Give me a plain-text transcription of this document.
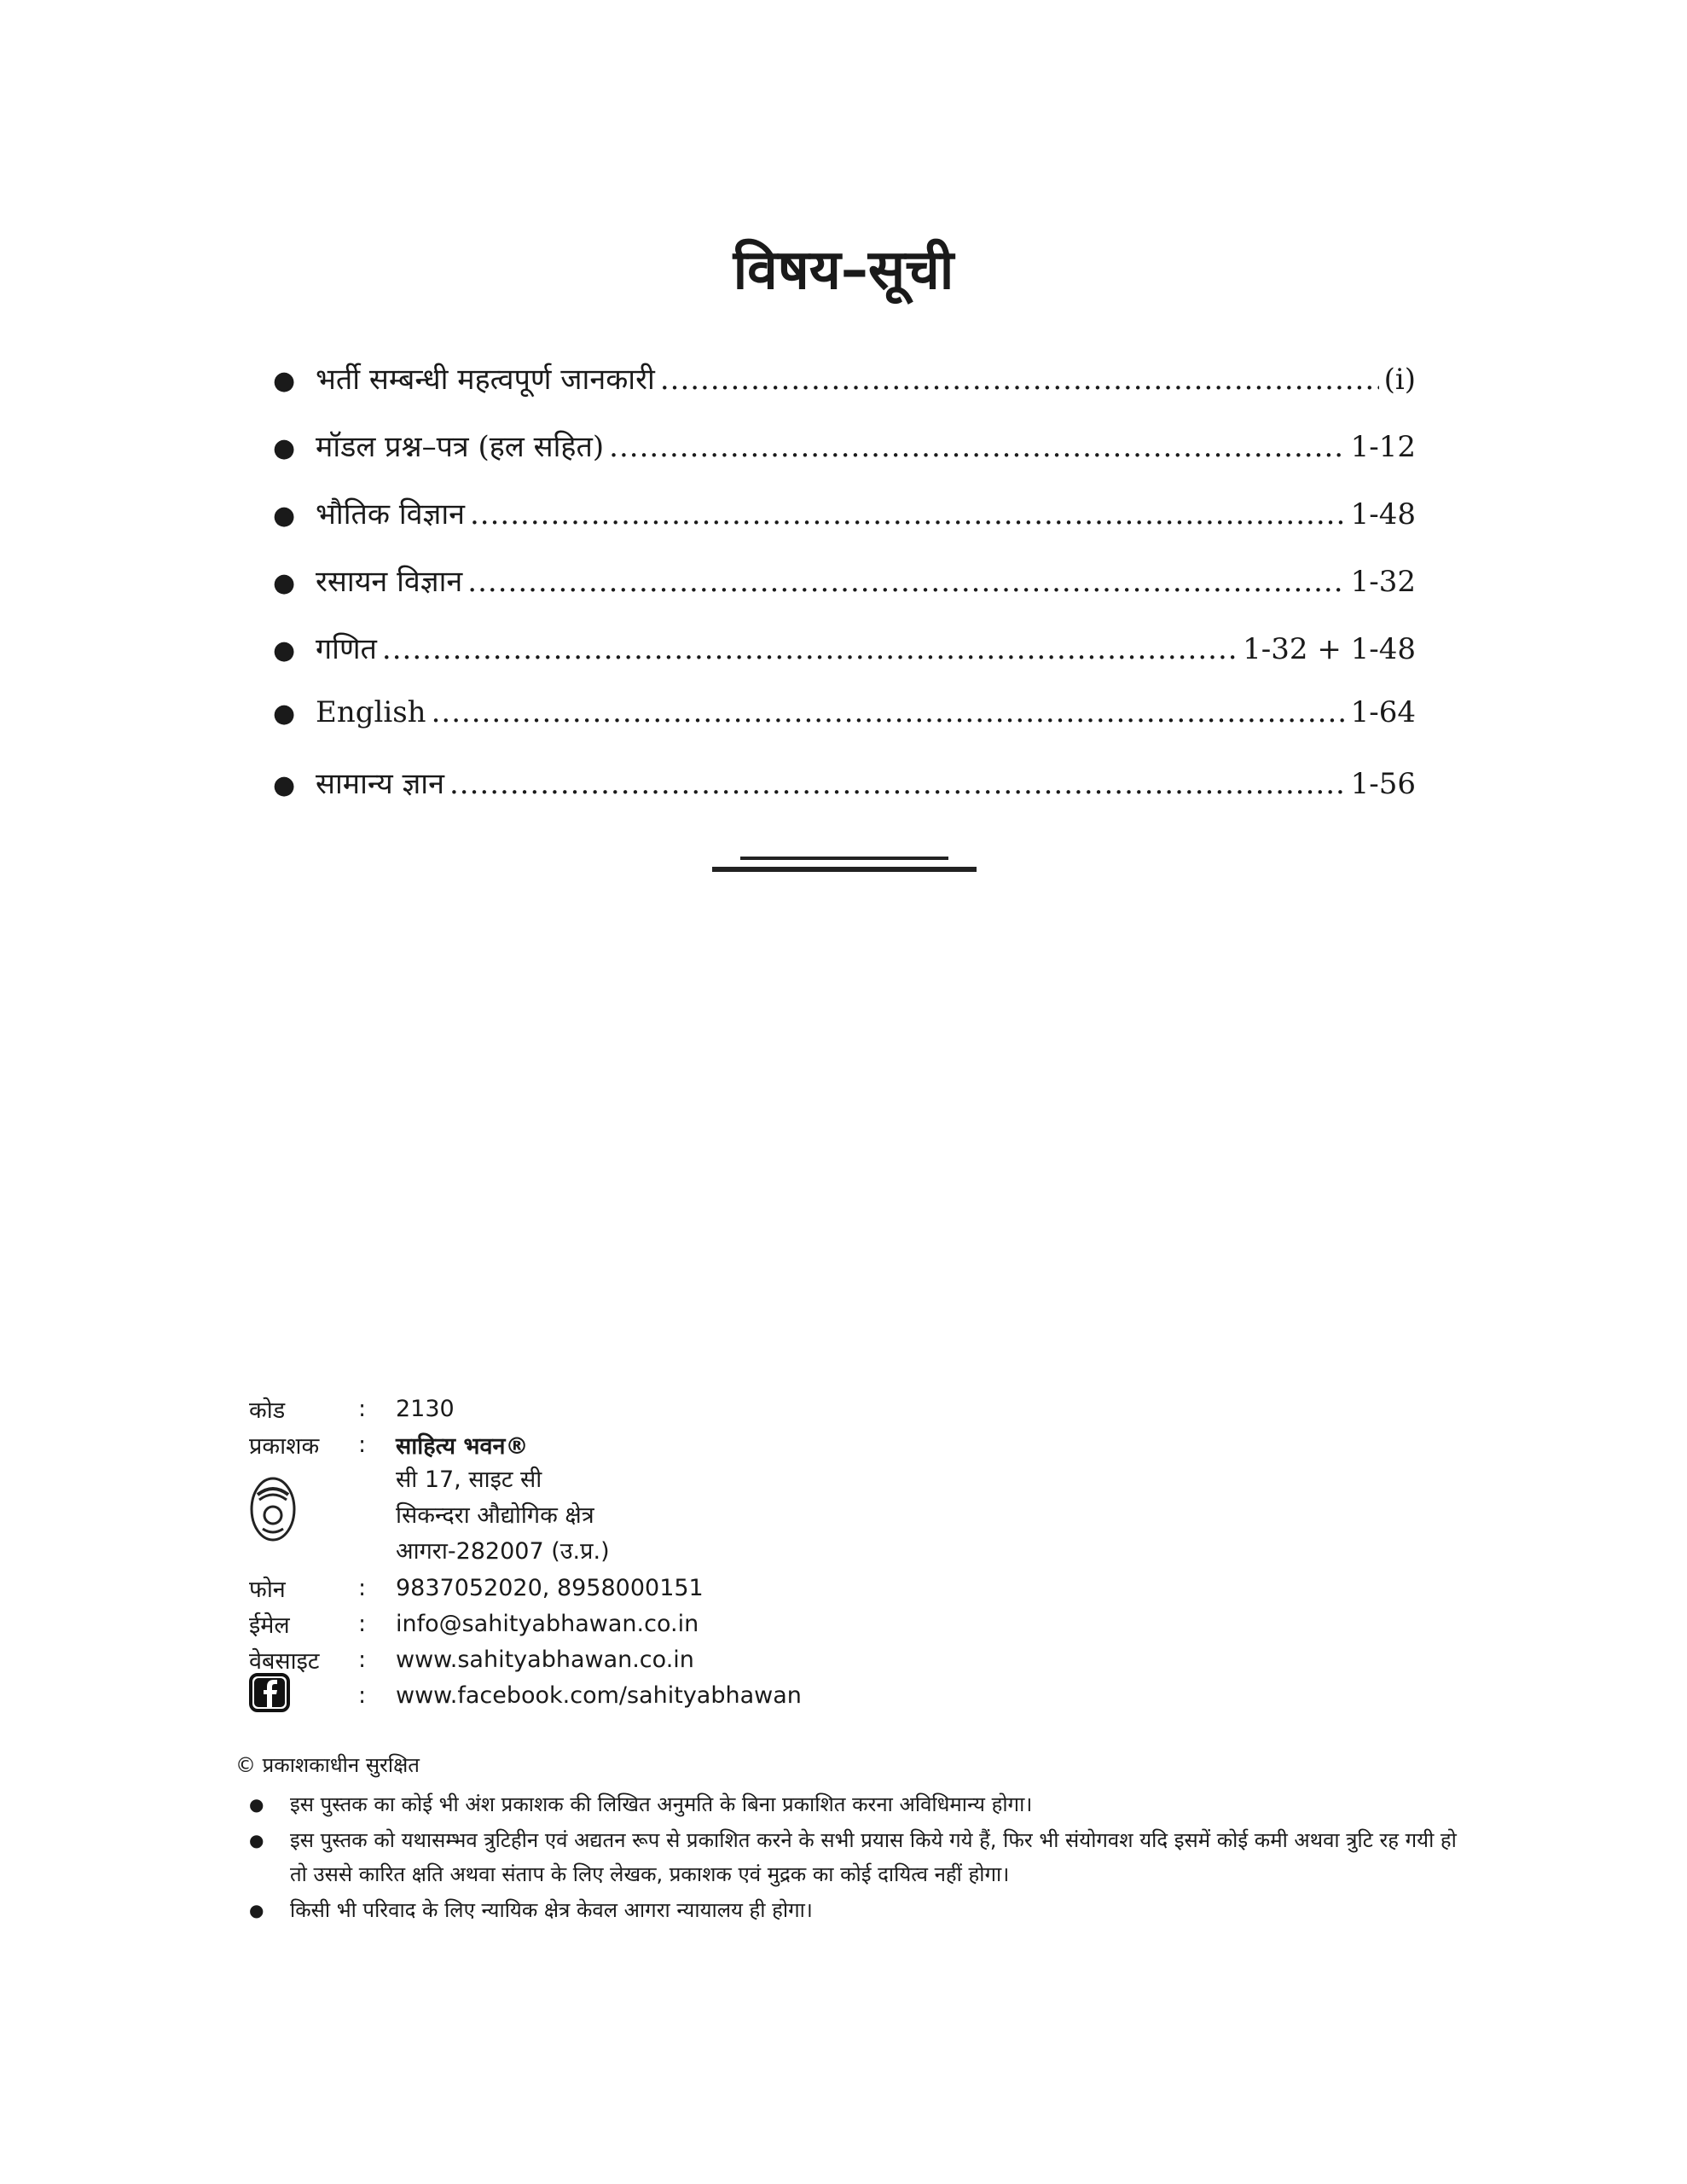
विषय–सूची
● भर्ती सम्बन्धी महत्वपूर्ण जानकारी .....	(i)
● मॉडल प्रश्न–पत्र (हल सहित) .....	1-12
● भौतिक विज्ञान .....	1-48
● रसायन विज्ञान .....	1-32
● गणित .....	1-32 + 1-48
● English .....	1-64
● सामान्य ज्ञान .....	1-56
कोड	:	2130
प्रकाशक	:	साहित्य भवन®
सी 17, साइट सी
सिकन्दरा औद्योगिक क्षेत्र
आगरा-282007 (उ.प्र.)
फोन	:	9837052020, 8958000151
ईमेल	:	info@sahityabhawan.co.in
वेबसाइट	:	www.sahityabhawan.co.in
:	www.facebook.com/sahityabhawan
© प्रकाशकाधीन सुरक्षित
●	इस पुस्तक का कोई भी अंश प्रकाशक की लिखित अनुमति के बिना प्रकाशित करना अविधिमान्य होगा।
●	इस पुस्तक को यथासम्भव त्रुटिहीन एवं अद्यतन रूप से प्रकाशित करने के सभी प्रयास किये गये हैं, फिर भी संयोगवश यदि इसमें कोई कमी अथवा त्रुटि रह गयी हो तो उससे कारित क्षति अथवा संताप के लिए लेखक, प्रकाशक एवं मुद्रक का कोई दायित्व नहीं होगा।
●	किसी भी परिवाद के लिए न्यायिक क्षेत्र केवल आगरा न्यायालय ही होगा।
